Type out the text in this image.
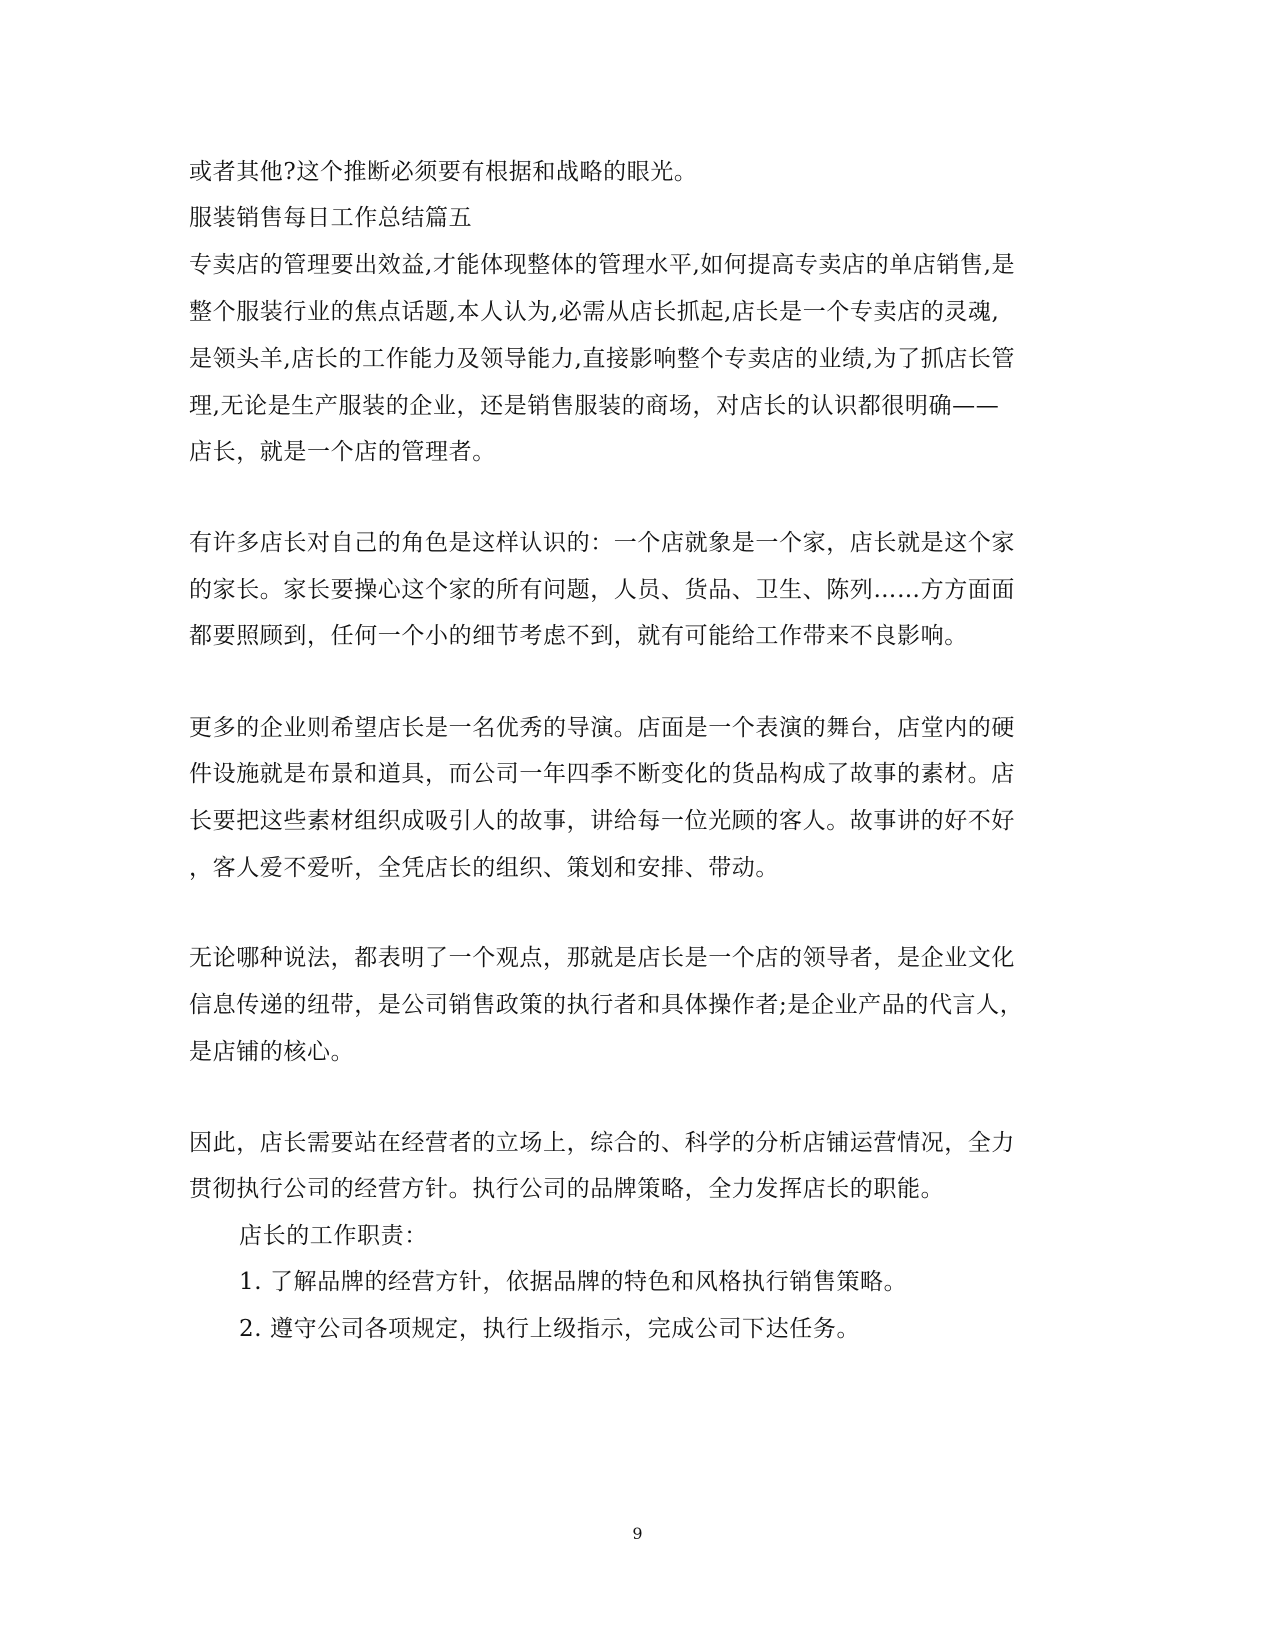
或者其他?这个推断必须要有根据和战略的眼光。
服装销售每日工作总结篇五
专卖店的管理要出效益,才能体现整体的管理水平,如何提高专卖店的单店销售,是
整个服装行业的焦点话题,本人认为,必需从店长抓起,店长是一个专卖店的灵魂,
是领头羊,店长的工作能力及领导能力,直接影响整个专卖店的业绩,为了抓店长管
理,无论是生产服装的企业，还是销售服装的商场，对店长的认识都很明确——
店长，就是一个店的管理者。
有许多店长对自己的角色是这样认识的：一个店就象是一个家，店长就是这个家
的家长。家长要操心这个家的所有问题，人员、货品、卫生、陈列……方方面面
都要照顾到，任何一个小的细节考虑不到，就有可能给工作带来不良影响。
更多的企业则希望店长是一名优秀的导演。店面是一个表演的舞台，店堂内的硬
件设施就是布景和道具，而公司一年四季不断变化的货品构成了故事的素材。店
长要把这些素材组织成吸引人的故事，讲给每一位光顾的客人。故事讲的好不好
，客人爱不爱听，全凭店长的组织、策划和安排、带动。
无论哪种说法，都表明了一个观点，那就是店长是一个店的领导者，是企业文化
信息传递的纽带，是公司销售政策的执行者和具体操作者;是企业产品的代言人，
是店铺的核心。
因此，店长需要站在经营者的立场上，综合的、科学的分析店铺运营情况，全力
贯彻执行公司的经营方针。执行公司的品牌策略，全力发挥店长的职能。
店长的工作职责：
1. 了解品牌的经营方针，依据品牌的特色和风格执行销售策略。
2. 遵守公司各项规定，执行上级指示，完成公司下达任务。
9
